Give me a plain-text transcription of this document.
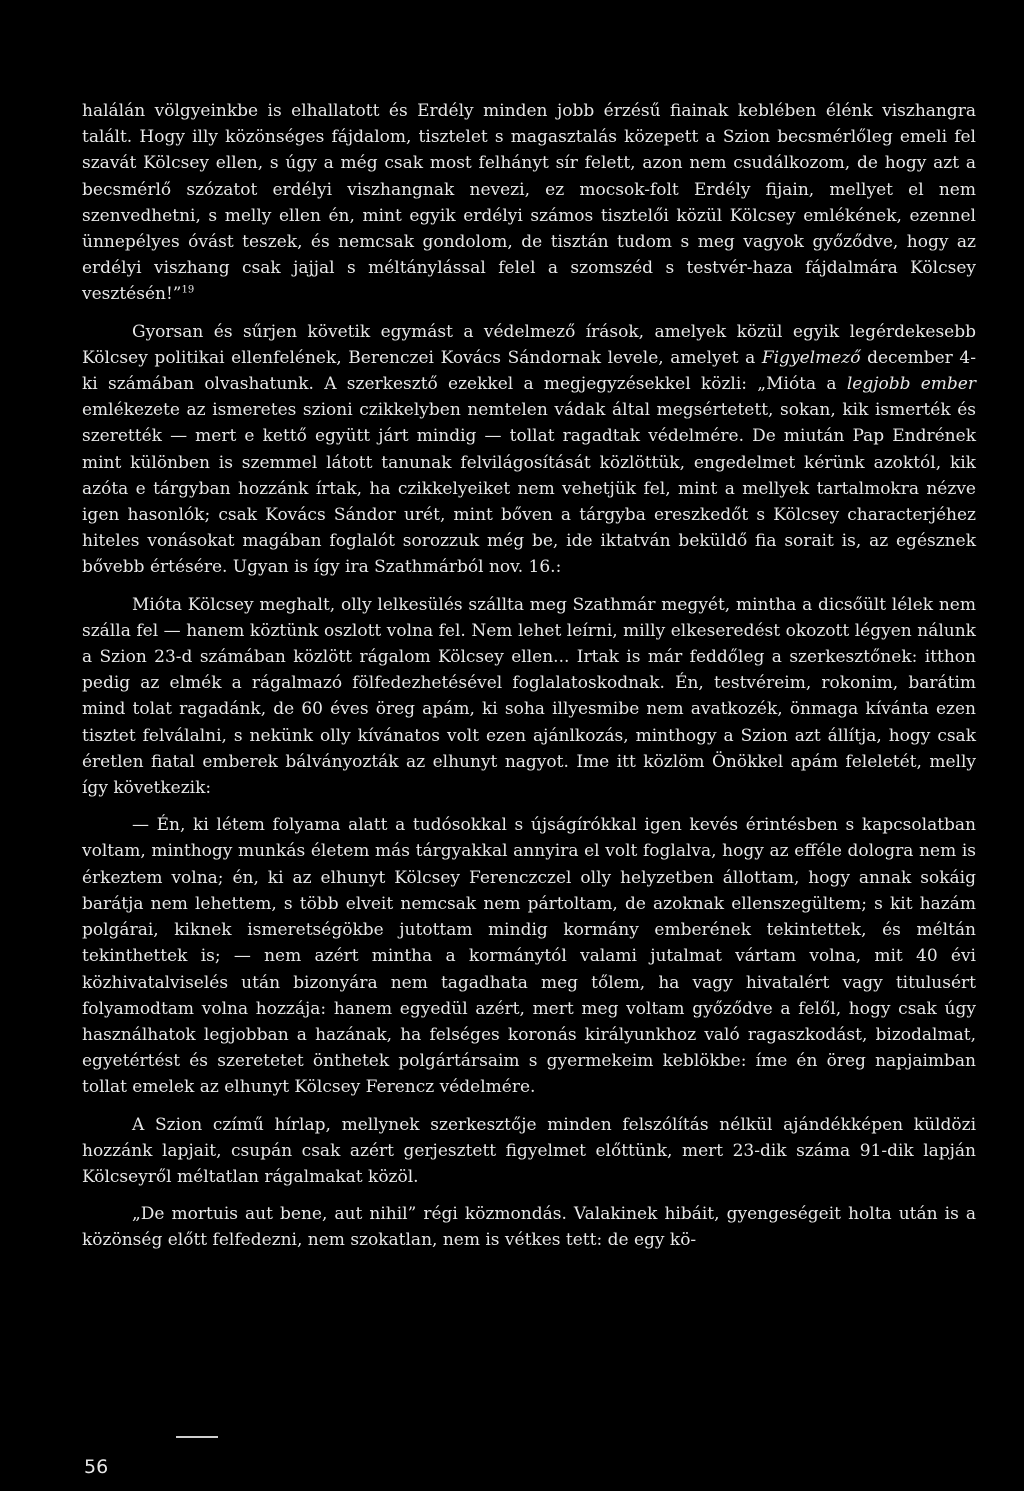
halálán völgyeinkbe is elhallatott és Erdély minden jobb érzésű fiainak keblében élénk viszhangra talált. Hogy illy közönséges fájdalom, tisztelet s magasztalás közepett a Szion becsmérlőleg emeli fel szavát Kölcsey ellen, s úgy a még csak most felhányt sír felett, azon nem csudálkozom, de hogy azt a becsmérlő szózatot erdélyi viszhangnak nevezi, ez mocsok-folt Erdély fijain, mellyet el nem szenvedhetni, s melly ellen én, mint egyik erdélyi számos tisztelői közül Kölcsey emlékének, ezennel ünnepélyes óvást teszek, és nemcsak gondolom, de tisztán tudom s meg vagyok győződve, hogy az erdélyi viszhang csak jajjal s méltánylással felel a szomszéd s testvér-haza fájdalmára Kölcsey vesztésén!”$^{19}$

Gyorsan és sűrjen követik egymást a védelmező írások, amelyek közül egyik legérdekesebb Kölcsey politikai ellenfelének, Berenczei Kovács Sándornak levele, amelyet a Figyelmező december 4-ki számában olvashatunk. A szerkesztő ezekkel a megjegyzésekkel közli: „Mióta a legjobb ember emlékezete az ismeretes szioni czikkelyben nemtelen vádak által megsértetett, sokan, kik ismerték és szerették — mert e kettő együtt járt mindig — tollat ragadtak védelmére. De miután Pap Endrének mint különben is szemmel látott tanunak felvilágosítását közlöttük, engedelmet kérünk azoktól, kik azóta e tárgyban hozzánk írtak, ha czikkelyeiket nem vehetjük fel, mint a mellyek tartalmokra nézve igen hasonlók; csak Kovács Sándor urét, mint bőven a tárgyba ereszkedőt s Kölcsey characterjéhez hiteles vonásokat magában foglalót sorozzuk még be, ide iktatván beküldő fia sorait is, az egésznek bővebb értésére. Ugyan is így ira Szathmárból nov. 16.:

Mióta Kölcsey meghalt, olly lelkesülés szállta meg Szathmár megyét, mintha a dicsőült lélek nem szálla fel — hanem köztünk oszlott volna fel. Nem lehet leírni, milly elkeseredést okozott légyen nálunk a Szion 23-d számában közlött rágalom Kölcsey ellen... Irtak is már feddőleg a szerkesztőnek: itthon pedig az elmék a rágalmazó fölfedezhetésével foglalatoskodnak. Én, testvéreim, rokonim, barátim mind tolat ragadánk, de 60 éves öreg apám, ki soha illyesmibe nem avatkozék, önmaga kívánta ezen tisztet felválalni, s nekünk olly kívánatos volt ezen ajánlkozás, minthogy a Szion azt állítja, hogy csak éretlen fiatal emberek bálványozták az elhunyt nagyot. Ime itt közlöm Önökkel apám feleletét, melly így következik:

— Én, ki létem folyama alatt a tudósokkal s újságírókkal igen kevés érintésben s kapcsolatban voltam, minthogy munkás életem más tárgyakkal annyira el volt foglalva, hogy az efféle dologra nem is érkeztem volna; én, ki az elhunyt Kölcsey Ferenczczel olly helyzetben állottam, hogy annak sokáig barátja nem lehettem, s több elveit nemcsak nem pártoltam, de azoknak ellenszegültem; s kit hazám polgárai, kiknek ismeretségökbe jutottam mindig kormány emberének tekintettek, és méltán tekinthettek is; — nem azért mintha a kormánytól valami jutalmat vártam volna, mit 40 évi közhivatalviselés után bizonyára nem tagadhata meg tőlem, ha vagy hivatalért vagy titulusért folyamodtam volna hozzája: hanem egyedül azért, mert meg voltam győződve a felől, hogy csak úgy használhatok legjobban a hazának, ha felséges koronás királyunkhoz való ragaszkodást, bizodalmat, egyetértést és szeretetet önthetek polgártársaim s gyermekeim keblökbe: íme én öreg napjaimban tollat emelek az elhunyt Kölcsey Ferencz védelmére.

A Szion czímű hírlap, mellynek szerkesztője minden felszólítás nélkül ajándékképen küldözi hozzánk lapjait, csupán csak azért gerjesztett figyelmet előttünk, mert 23-dik száma 91-dik lapján Kölcseyről méltatlan rágalmakat közöl.

„De mortuis aut bene, aut nihil” régi közmondás. Valakinek hibáit, gyengeségeit holta után is a közönség előtt felfedezni, nem szokatlan, nem is vétkes tett: de egy kö-

56
